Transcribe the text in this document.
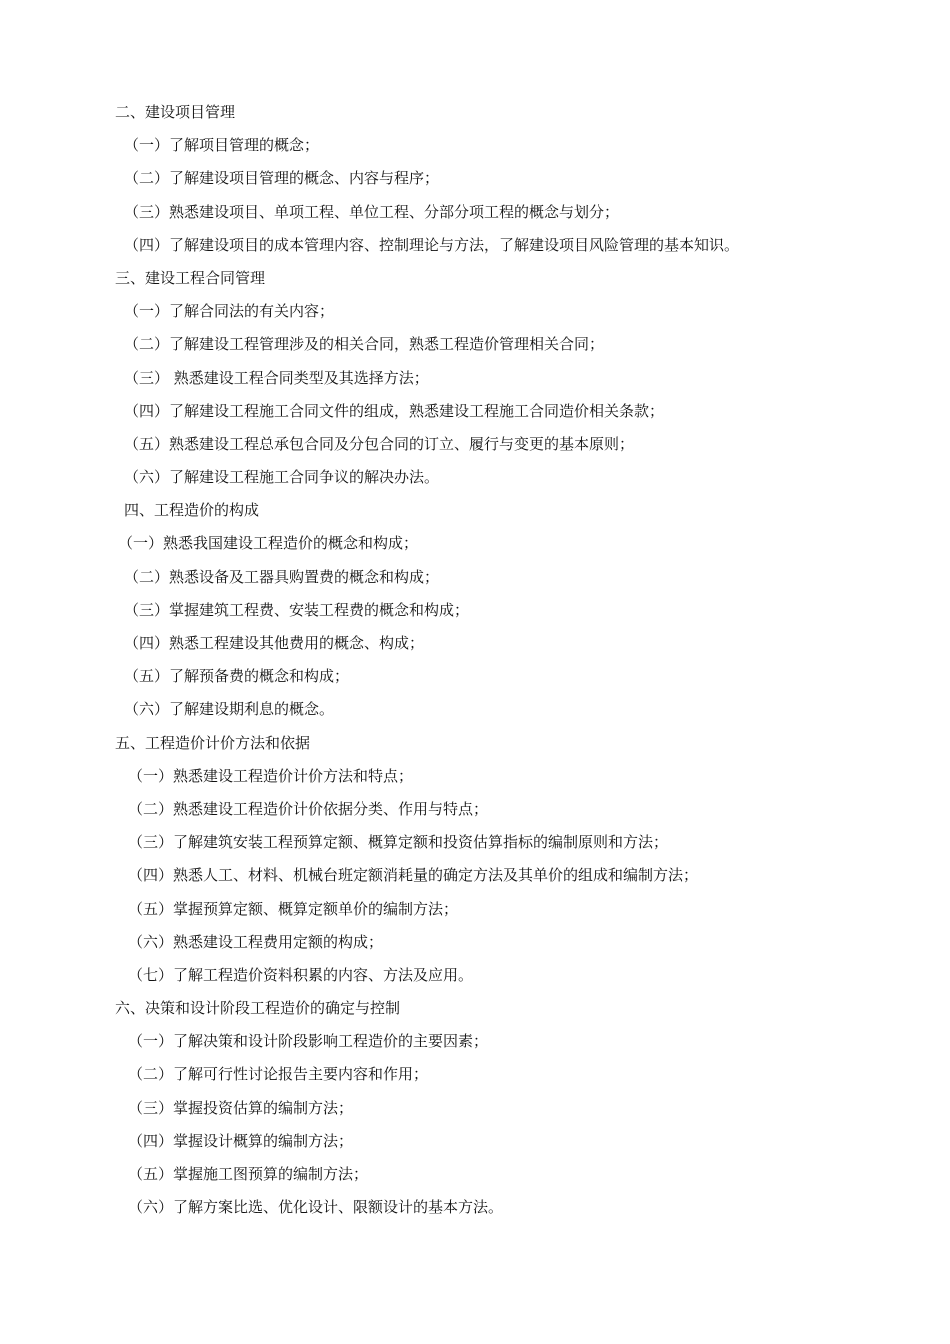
二、建设项目管理
（一）了解项目管理的概念；
（二）了解建设项目管理的概念、内容与程序；
（三）熟悉建设项目、单项工程、单位工程、分部分项工程的概念与划分；
（四）了解建设项目的成本管理内容、控制理论与方法，了解建设项目风险管理的基本知识。
三、建设工程合同管理
（一）了解合同法的有关内容；
（二）了解建设工程管理涉及的相关合同，熟悉工程造价管理相关合同；
（三） 熟悉建设工程合同类型及其选择方法；
（四）了解建设工程施工合同文件的组成，熟悉建设工程施工合同造价相关条款；
（五）熟悉建设工程总承包合同及分包合同的订立、履行与变更的基本原则；
（六）了解建设工程施工合同争议的解决办法。
四、工程造价的构成
（一）熟悉我国建设工程造价的概念和构成；
（二）熟悉设备及工器具购置费的概念和构成；
（三）掌握建筑工程费、安装工程费的概念和构成；
（四）熟悉工程建设其他费用的概念、构成；
（五）了解预备费的概念和构成；
（六）了解建设期利息的概念。
五、工程造价计价方法和依据
（一）熟悉建设工程造价计价方法和特点；
（二）熟悉建设工程造价计价依据分类、作用与特点；
（三）了解建筑安装工程预算定额、概算定额和投资估算指标的编制原则和方法；
（四）熟悉人工、材料、机械台班定额消耗量的确定方法及其单价的组成和编制方法；
（五）掌握预算定额、概算定额单价的编制方法；
（六）熟悉建设工程费用定额的构成；
（七）了解工程造价资料积累的内容、方法及应用。
六、决策和设计阶段工程造价的确定与控制
（一）了解决策和设计阶段影响工程造价的主要因素；
（二）了解可行性讨论报告主要内容和作用；
（三）掌握投资估算的编制方法；
（四）掌握设计概算的编制方法；
（五）掌握施工图预算的编制方法；
（六）了解方案比选、优化设计、限额设计的基本方法。
